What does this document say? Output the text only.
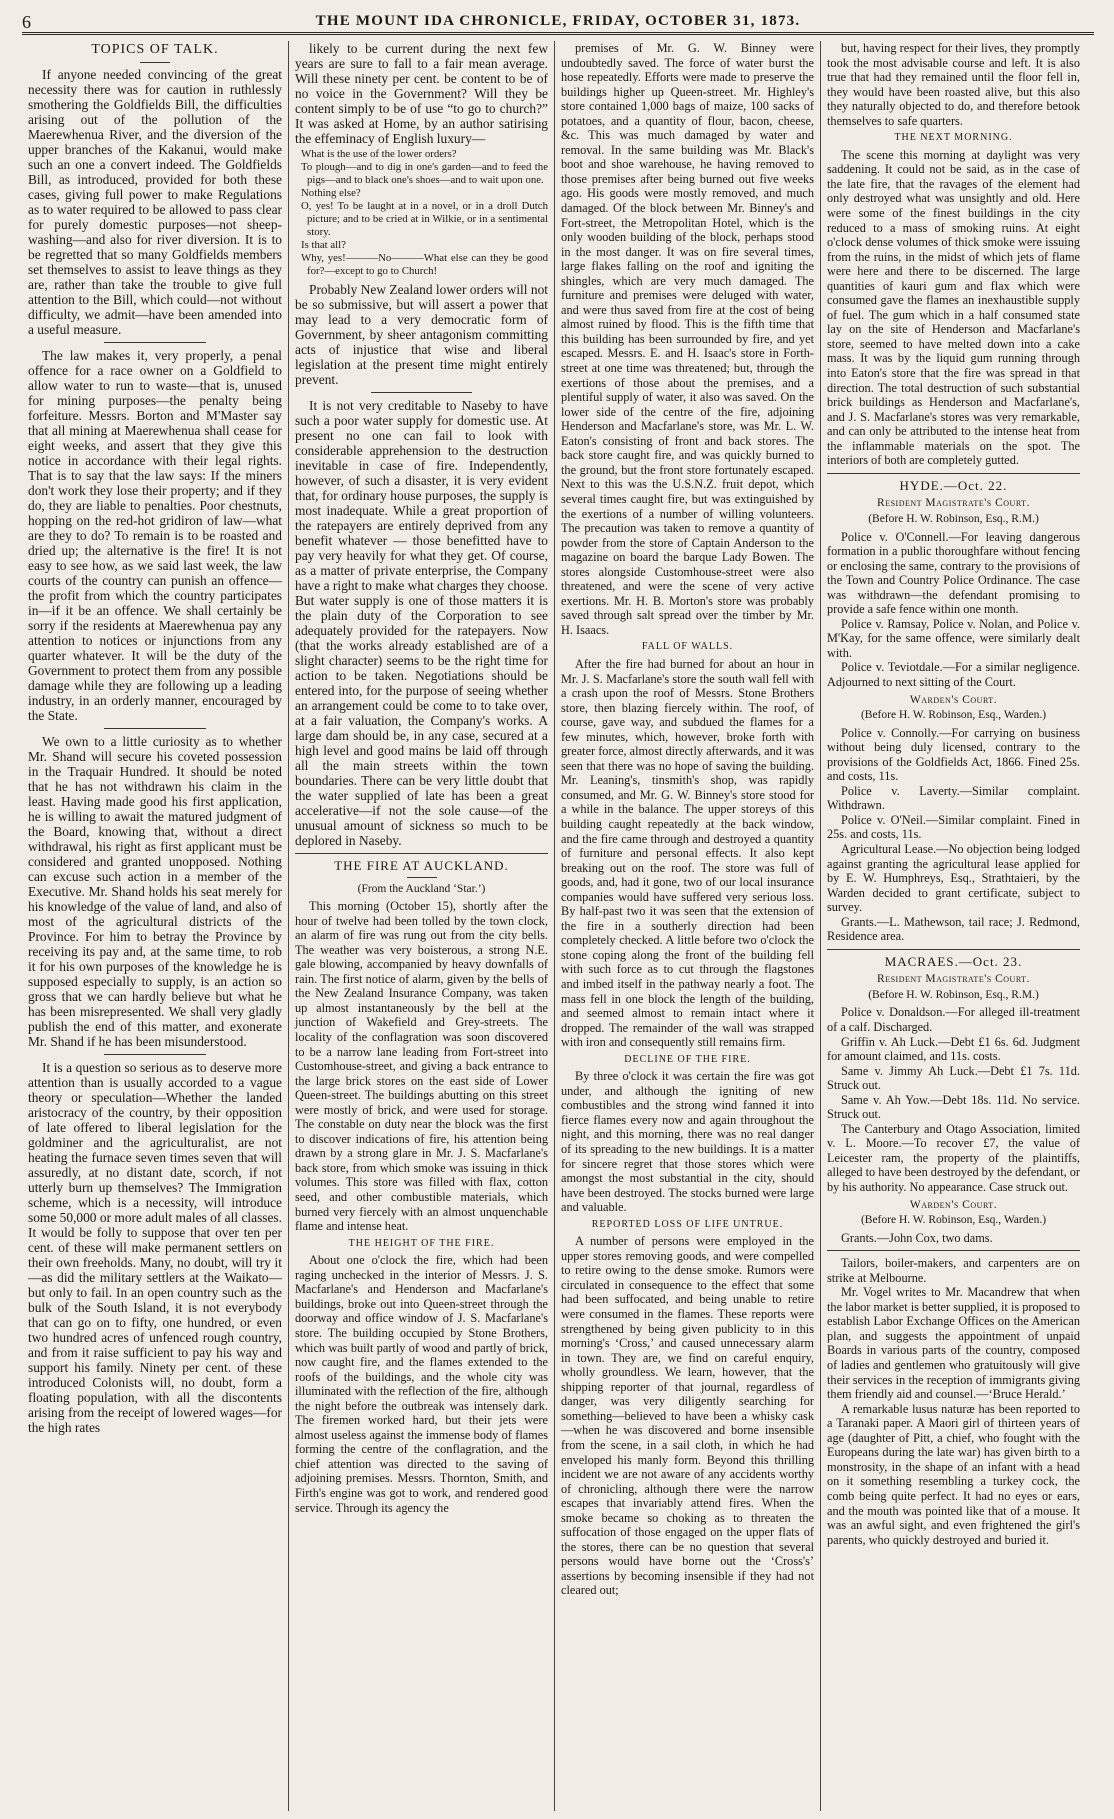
6	THE MOUNT IDA CHRONICLE, FRIDAY, OCTOBER 31, 1873.
TOPICS OF TALK.

If anyone needed convincing of the great necessity there was for caution in ruthlessly smothering the Goldfields Bill, the difficulties arising out of the pollution of the Maerewhenua River, and the diversion of the upper branches of the Kakanui, would make such an one a convert indeed. The Goldfields Bill, as introduced, provided for both these cases, giving full power to make Regulations as to water required to be allowed to pass clear for purely domestic purposes—not sheep-washing—and also for river diversion. It is to be regretted that so many Goldfields members set themselves to assist to leave things as they are, rather than take the trouble to give full attention to the Bill, which could—not without difficulty, we admit—have been amended into a useful measure.

The law makes it, very properly, a penal offence for a race owner on a Goldfield to allow water to run to waste—that is, unused for mining purposes—the penalty being forfeiture. Messrs. Borton and M'Master say that all mining at Maerewhenua shall cease for eight weeks, and assert that they give this notice in accordance with their legal rights. That is to say that the law says: If the miners don't work they lose their property; and if they do, they are liable to penalties. Poor chestnuts, hopping on the red-hot gridiron of law—what are they to do? To remain is to be roasted and dried up; the alternative is the fire! It is not easy to see how, as we said last week, the law courts of the country can punish an offence—the profit from which the country participates in—if it be an offence. We shall certainly be sorry if the residents at Maerewhenua pay any attention to notices or injunctions from any quarter whatever. It will be the duty of the Government to protect them from any possible damage while they are following up a leading industry, in an orderly manner, encouraged by the State.

We own to a little curiosity as to whether Mr. Shand will secure his coveted possession in the Traquair Hundred. It should be noted that he has not withdrawn his claim in the least. Having made good his first application, he is willing to await the matured judgment of the Board, knowing that, without a direct withdrawal, his right as first applicant must be considered and granted unopposed. Nothing can excuse such action in a member of the Executive. Mr. Shand holds his seat merely for his knowledge of the value of land, and also of most of the agricultural districts of the Province. For him to betray the Province by receiving its pay and, at the same time, to rob it for his own purposes of the knowledge he is supposed especially to supply, is an action so gross that we can hardly believe but what he has been misrepresented. We shall very gladly publish the end of this matter, and exonerate Mr. Shand if he has been misunderstood.

It is a question so serious as to deserve more attention than is usually accorded to a vague theory or speculation—Whether the landed aristocracy of the country, by their opposition of late offered to liberal legislation for the goldminer and the agriculturalist, are not heating the furnace seven times seven that will assuredly, at no distant date, scorch, if not utterly burn up themselves? The Immigration scheme, which is a necessity, will introduce some 50,000 or more adult males of all classes. It would be folly to suppose that over ten per cent. of these will make permanent settlers on their own freeholds. Many, no doubt, will try it—as did the military settlers at the Waikato—but only to fail. In an open country such as the bulk of the South Island, it is not everybody that can go on to fifty, one hundred, or even two hundred acres of unfenced rough country, and from it raise sufficient to pay his way and support his family. Ninety per cent. of these introduced Colonists will, no doubt, form a floating population, with all the discontents arising from the receipt of lowered wages—for the high rates

likely to be current during the next few years are sure to fall to a fair mean average. Will these ninety per cent. be content to be of no voice in the Government? Will they be content simply to be of use “to go to church?” It was asked at Home, by an author satirising the effeminacy of English luxury—

What is the use of the lower orders?

To plough—and to dig in one's garden—and to feed the pigs—and to black one's shoes—and to wait upon one.

Nothing else?

O, yes! To be laught at in a novel, or in a droll Dutch picture; and to be cried at in Wilkie, or in a sentimental story.

Is that all?

Why, yes!———No———What else can they be good for?—except to go to Church!

Probably New Zealand lower orders will not be so submissive, but will assert a power that may lead to a very democratic form of Government, by sheer antagonism committing acts of injustice that wise and liberal legislation at the present time might entirely prevent.

It is not very creditable to Naseby to have such a poor water supply for domestic use. At present no one can fail to look with considerable apprehension to the destruction inevitable in case of fire. Independently, however, of such a disaster, it is very evident that, for ordinary house purposes, the supply is most inadequate. While a great proportion of the ratepayers are entirely deprived from any benefit whatever — those benefitted have to pay very heavily for what they get. Of course, as a matter of private enterprise, the Company have a right to make what charges they choose. But water supply is one of those matters it is the plain duty of the Corporation to see adequately provided for the ratepayers. Now (that the works already established are of a slight character) seems to be the right time for action to be taken. Negotiations should be entered into, for the purpose of seeing whether an arrangement could be come to to take over, at a fair valuation, the Company's works. A large dam should be, in any case, secured at a high level and good mains be laid off through all the main streets within the town boundaries. There can be very little doubt that the water supplied of late has been a great accelerative—if not the sole cause—of the unusual amount of sickness so much to be deplored in Naseby.

THE FIRE AT AUCKLAND.
(From the Auckland ‘Star.’)

This morning (October 15), shortly after the hour of twelve had been tolled by the town clock, an alarm of fire was rung out from the city bells. The weather was very boisterous, a strong N.E. gale blowing, accompanied by heavy downfalls of rain. The first notice of alarm, given by the bells of the New Zealand Insurance Company, was taken up almost instantaneously by the bell at the junction of Wakefield and Grey-streets. The locality of the conflagration was soon discovered to be a narrow lane leading from Fort-street into Customhouse-street, and giving a back entrance to the large brick stores on the east side of Lower Queen-street. The buildings abutting on this street were mostly of brick, and were used for storage. The constable on duty near the block was the first to discover indications of fire, his attention being drawn by a strong glare in Mr. J. S. Macfarlane's back store, from which smoke was issuing in thick volumes. This store was filled with flax, cotton seed, and other combustible materials, which burned very fiercely with an almost unquenchable flame and intense heat.

THE HEIGHT OF THE FIRE.

About one o'clock the fire, which had been raging unchecked in the interior of Messrs. J. S. Macfarlane's and Henderson and Macfarlane's buildings, broke out into Queen-street through the doorway and office window of J. S. Macfarlane's store. The building occupied by Stone Brothers, which was built partly of wood and partly of brick, now caught fire, and the flames extended to the roofs of the buildings, and the whole city was illuminated with the reflection of the fire, although the night before the outbreak was intensely dark. The firemen worked hard, but their jets were almost useless against the immense body of flames forming the centre of the conflagration, and the chief attention was directed to the saving of adjoining premises. Messrs. Thornton, Smith, and Firth's engine was got to work, and rendered good service. Through its agency the

premises of Mr. G. W. Binney were undoubtedly saved. The force of water burst the hose repeatedly. Efforts were made to preserve the buildings higher up Queen-street. Mr. Highley's store contained 1,000 bags of maize, 100 sacks of potatoes, and a quantity of flour, bacon, cheese, &c. This was much damaged by water and removal. In the same building was Mr. Black's boot and shoe warehouse, he having removed to those premises after being burned out five weeks ago. His goods were mostly removed, and much damaged. Of the block between Mr. Binney's and Fort-street, the Metropolitan Hotel, which is the only wooden building of the block, perhaps stood in the most danger. It was on fire several times, large flakes falling on the roof and igniting the shingles, which are very much damaged. The furniture and premises were deluged with water, and were thus saved from fire at the cost of being almost ruined by flood. This is the fifth time that this building has been surrounded by fire, and yet escaped. Messrs. E. and H. Isaac's store in Forth-street at one time was threatened; but, through the exertions of those about the premises, and a plentiful supply of water, it also was saved. On the lower side of the centre of the fire, adjoining Henderson and Macfarlane's store, was Mr. L. W. Eaton's consisting of front and back stores. The back store caught fire, and was quickly burned to the ground, but the front store fortunately escaped. Next to this was the U.S.N.Z. fruit depot, which several times caught fire, but was extinguished by the exertions of a number of willing volunteers. The precaution was taken to remove a quantity of powder from the store of Captain Anderson to the magazine on board the barque Lady Bowen. The stores alongside Customhouse-street were also threatened, and were the scene of very active exertions. Mr. H. B. Morton's store was probably saved through salt spread over the timber by Mr. H. Isaacs.

FALL OF WALLS.

After the fire had burned for about an hour in Mr. J. S. Macfarlane's store the south wall fell with a crash upon the roof of Messrs. Stone Brothers store, then blazing fiercely within. The roof, of course, gave way, and subdued the flames for a few minutes, which, however, broke forth with greater force, almost directly afterwards, and it was seen that there was no hope of saving the building. Mr. Leaning's, tinsmith's shop, was rapidly consumed, and Mr. G. W. Binney's store stood for a while in the balance. The upper storeys of this building caught repeatedly at the back window, and the fire came through and destroyed a quantity of furniture and personal effects. It also kept breaking out on the roof. The store was full of goods, and, had it gone, two of our local insurance companies would have suffered very serious loss. By half-past two it was seen that the extension of the fire in a southerly direction had been completely checked. A little before two o'clock the stone coping along the front of the building fell with such force as to cut through the flagstones and imbed itself in the pathway nearly a foot. The mass fell in one block the length of the building, and seemed almost to remain intact where it dropped. The remainder of the wall was strapped with iron and consequently still remains firm.

DECLINE OF THE FIRE.

By three o'clock it was certain the fire was got under, and although the igniting of new combustibles and the strong wind fanned it into fierce flames every now and again throughout the night, and this morning, there was no real danger of its spreading to the new buildings. It is a matter for sincere regret that those stores which were amongst the most substantial in the city, should have been destroyed. The stocks burned were large and valuable.

REPORTED LOSS OF LIFE UNTRUE.

A number of persons were employed in the upper stores removing goods, and were compelled to retire owing to the dense smoke. Rumors were circulated in consequence to the effect that some had been suffocated, and being unable to retire were consumed in the flames. These reports were strengthened by being given publicity to in this morning's ‘Cross,’ and caused unnecessary alarm in town. They are, we find on careful enquiry, wholly groundless. We learn, however, that the shipping reporter of that journal, regardless of danger, was very diligently searching for something—believed to have been a whisky cask—when he was discovered and borne insensible from the scene, in a sail cloth, in which he had enveloped his manly form. Beyond this thrilling incident we are not aware of any accidents worthy of chronicling, although there were the narrow escapes that invariably attend fires. When the smoke became so choking as to threaten the suffocation of those engaged on the upper flats of the stores, there can be no question that several persons would have borne out the ‘Cross's’ assertions by becoming insensible if they had not cleared out;

but, having respect for their lives, they promptly took the most advisable course and left. It is also true that had they remained until the floor fell in, they would have been roasted alive, but this also they naturally objected to do, and therefore betook themselves to safe quarters.

THE NEXT MORNING.

The scene this morning at daylight was very saddening. It could not be said, as in the case of the late fire, that the ravages of the element had only destroyed what was unsightly and old. Here were some of the finest buildings in the city reduced to a mass of smoking ruins. At eight o'clock dense volumes of thick smoke were issuing from the ruins, in the midst of which jets of flame were here and there to be discerned. The large quantities of kauri gum and flax which were consumed gave the flames an inexhaustible supply of fuel. The gum which in a half consumed state lay on the site of Henderson and Macfarlane's store, seemed to have melted down into a cake mass. It was by the liquid gum running through into Eaton's store that the fire was spread in that direction. The total destruction of such substantial brick buildings as Henderson and Macfarlane's, and J. S. Macfarlane's stores was very remarkable, and can only be attributed to the intense heat from the inflammable materials on the spot. The interiors of both are completely gutted.

HYDE.—Oct. 22.
Resident Magistrate's Court.
(Before H. W. Robinson, Esq., R.M.)

Police v. O'Connell.—For leaving dangerous formation in a public thoroughfare without fencing or enclosing the same, contrary to the provisions of the Town and Country Police Ordinance. The case was withdrawn—the defendant promising to provide a safe fence within one month.

Police v. Ramsay, Police v. Nolan, and Police v. M'Kay, for the same offence, were similarly dealt with.

Police v. Teviotdale.—For a similar negligence. Adjourned to next sitting of the Court.

Warden's Court.
(Before H. W. Robinson, Esq., Warden.)

Police v. Connolly.—For carrying on business without being duly licensed, contrary to the provisions of the Goldfields Act, 1866. Fined 25s. and costs, 11s.

Police v. Laverty.—Similar complaint. Withdrawn.

Police v. O'Neil.—Similar complaint. Fined in 25s. and costs, 11s.

Agricultural Lease.—No objection being lodged against granting the agricultural lease applied for by E. W. Humphreys, Esq., Strathtaieri, by the Warden decided to grant certificate, subject to survey.

Grants.—L. Mathewson, tail race; J. Redmond, Residence area.

MACRAES.—Oct. 23.
Resident Magistrate's Court.
(Before H. W. Robinson, Esq., R.M.)

Police v. Donaldson.—For alleged ill-treatment of a calf. Discharged.

Griffin v. Ah Luck.—Debt £1 6s. 6d. Judgment for amount claimed, and 11s. costs.

Same v. Jimmy Ah Luck.—Debt £1 7s. 11d. Struck out.

Same v. Ah Yow.—Debt 18s. 11d. No service. Struck out.

The Canterbury and Otago Association, limited v. L. Moore.—To recover £7, the value of Leicester ram, the property of the plaintiffs, alleged to have been destroyed by the defendant, or by his authority. No appearance. Case struck out.

Warden's Court.
(Before H. W. Robinson, Esq., Warden.)

Grants.—John Cox, two dams.

Tailors, boiler-makers, and carpenters are on strike at Melbourne.

Mr. Vogel writes to Mr. Macandrew that when the labor market is better supplied, it is proposed to establish Labor Exchange Offices on the American plan, and suggests the appointment of unpaid Boards in various parts of the country, composed of ladies and gentlemen who gratuitously will give their services in the reception of immigrants giving them friendly aid and counsel.—‘Bruce Herald.’

A remarkable lusus naturæ has been reported to a Taranaki paper. A Maori girl of thirteen years of age (daughter of Pitt, a chief, who fought with the Europeans during the late war) has given birth to a monstrosity, in the shape of an infant with a head on it something resembling a turkey cock, the comb being quite perfect. It had no eyes or ears, and the mouth was pointed like that of a mouse. It was an awful sight, and even frightened the girl's parents, who quickly destroyed and buried it.
